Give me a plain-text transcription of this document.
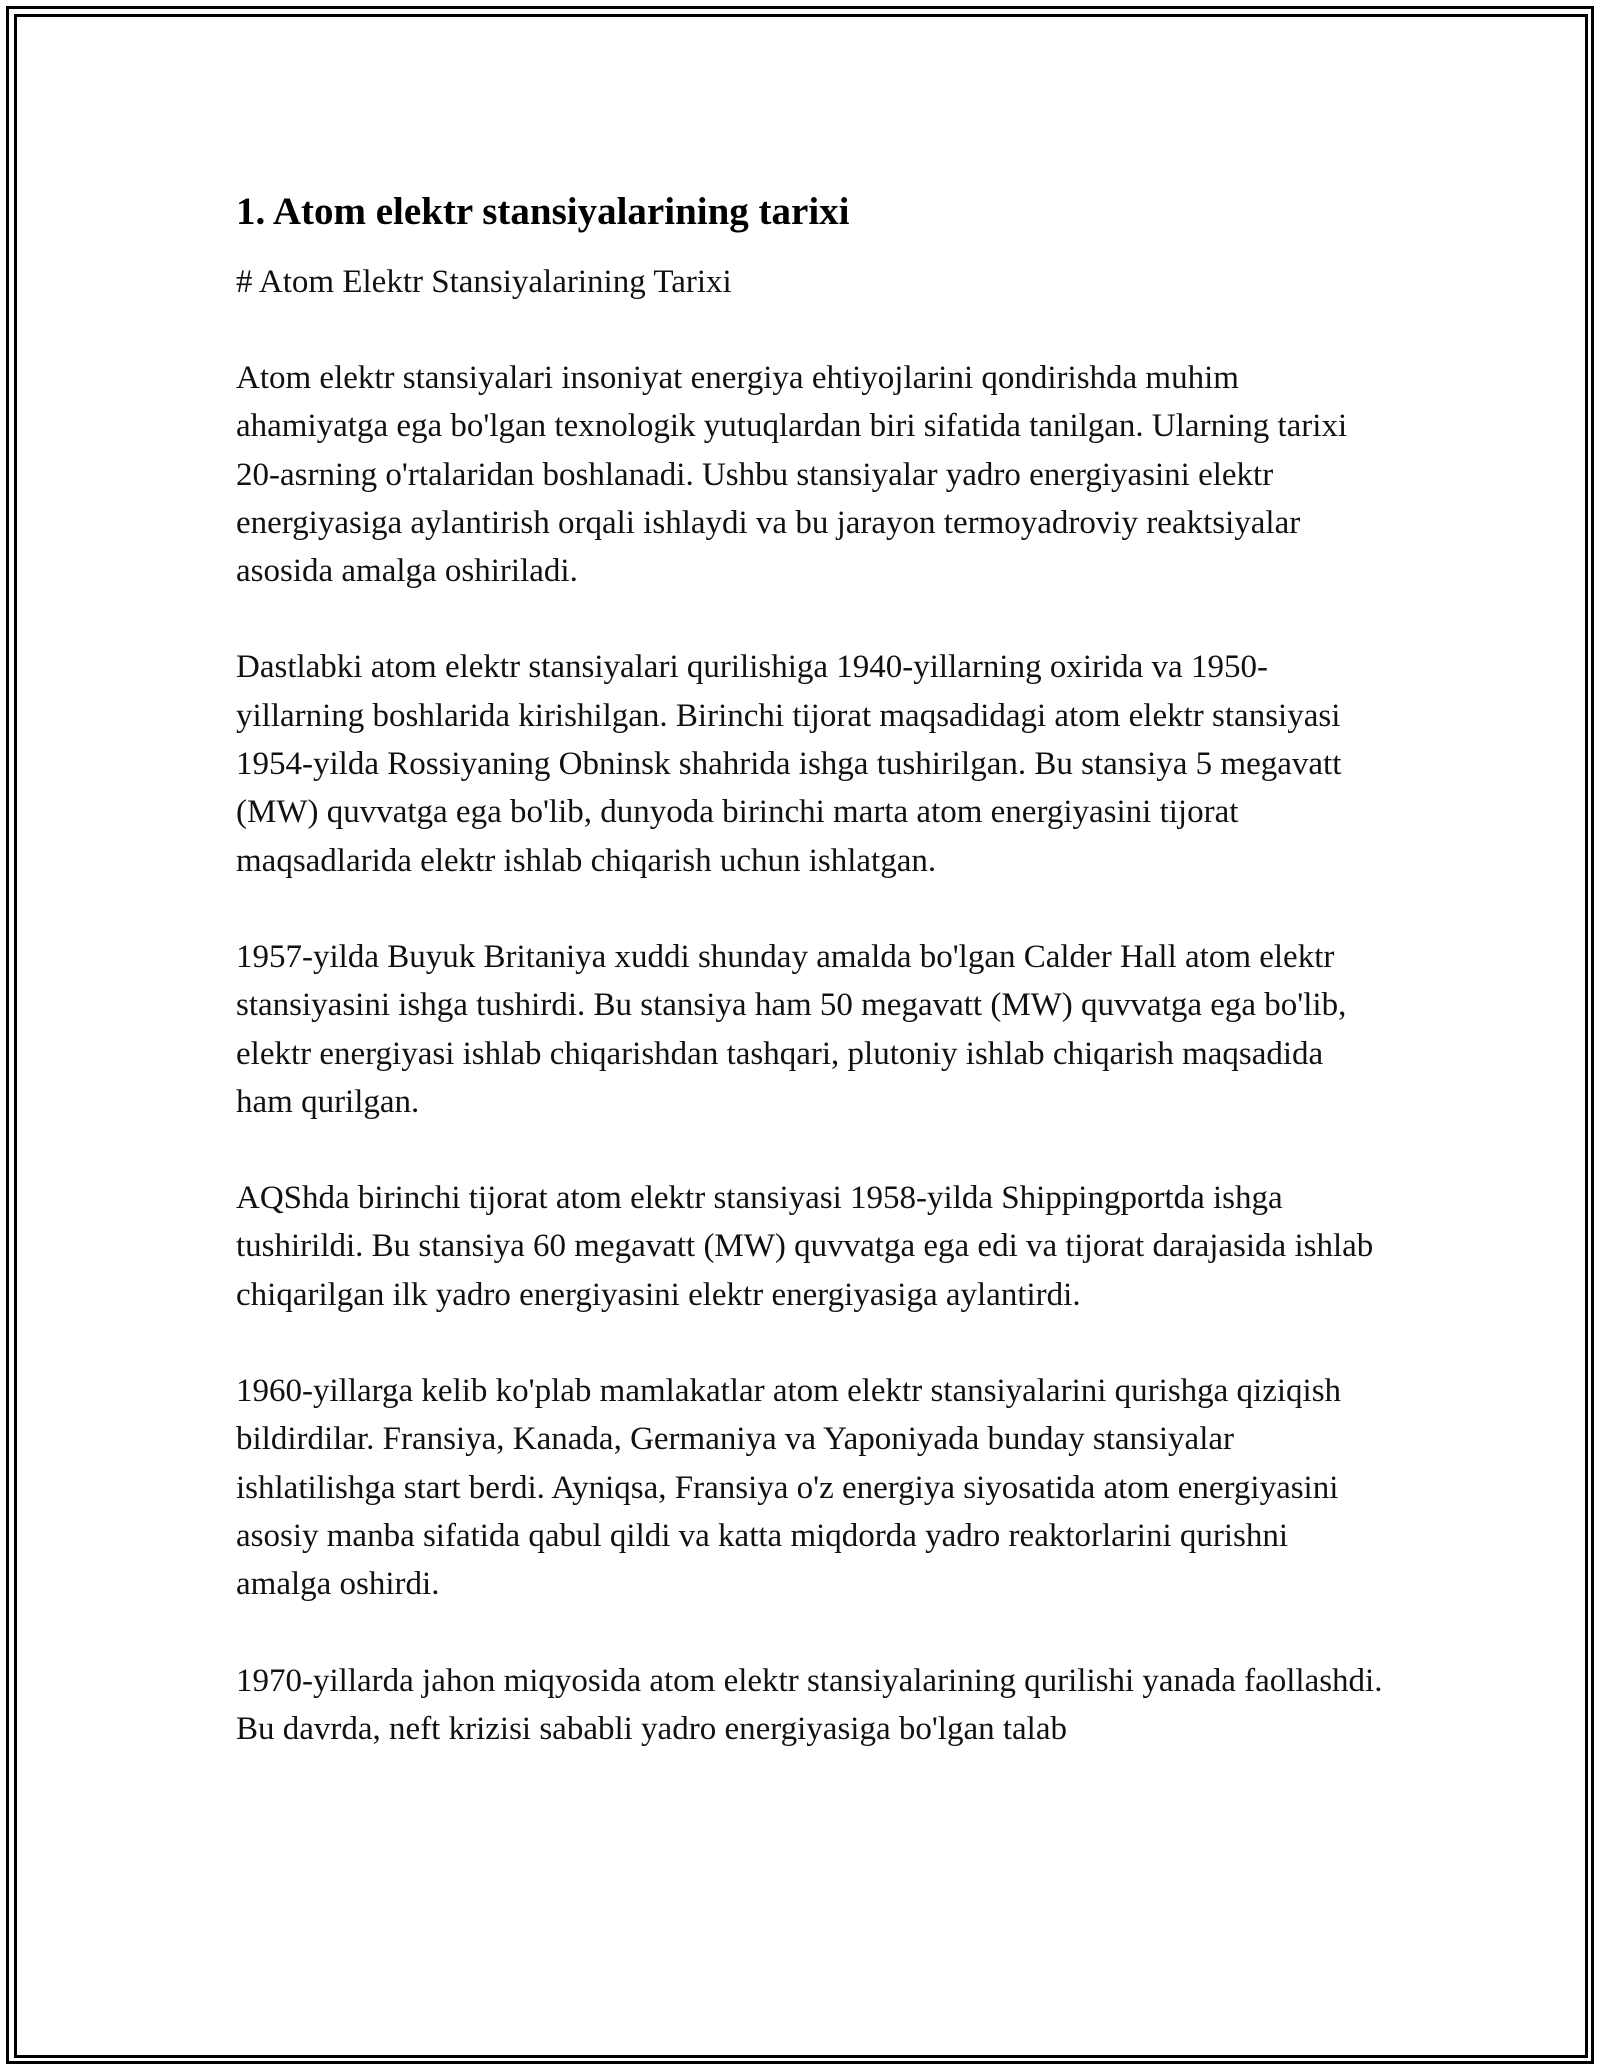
1. Atom elektr stansiyalarining tarixi

# Atom Elektr Stansiyalarining Tarixi

Atom elektr stansiyalari insoniyat energiya ehtiyojlarini qondirishda muhim ahamiyatga ega bo'lgan texnologik yutuqlardan biri sifatida tanilgan. Ularning tarixi 20-asrning o'rtalaridan boshlanadi. Ushbu stansiyalar yadro energiyasini elektr energiyasiga aylantirish orqali ishlaydi va bu jarayon termoyadroviy reaktsiyalar asosida amalga oshiriladi.

Dastlabki atom elektr stansiyalari qurilishiga 1940-yillarning oxirida va 1950-yillarning boshlarida kirishilgan. Birinchi tijorat maqsadidagi atom elektr stansiyasi 1954-yilda Rossiyaning Obninsk shahrida ishga tushirilgan. Bu stansiya 5 megavatt (MW) quvvatga ega bo'lib, dunyoda birinchi marta atom energiyasini tijorat maqsadlarida elektr ishlab chiqarish uchun ishlatgan.

1957-yilda Buyuk Britaniya xuddi shunday amalda bo'lgan Calder Hall atom elektr stansiyasini ishga tushirdi. Bu stansiya ham 50 megavatt (MW) quvvatga ega bo'lib, elektr energiyasi ishlab chiqarishdan tashqari, plutoniy ishlab chiqarish maqsadida ham qurilgan.

AQShda birinchi tijorat atom elektr stansiyasi 1958-yilda Shippingportda ishga tushirildi. Bu stansiya 60 megavatt (MW) quvvatga ega edi va tijorat darajasida ishlab chiqarilgan ilk yadro energiyasini elektr energiyasiga aylantirdi.

1960-yillarga kelib ko'plab mamlakatlar atom elektr stansiyalarini qurishga qiziqish bildirdilar. Fransiya, Kanada, Germaniya va Yaponiyada bunday stansiyalar ishlatilishga start berdi. Ayniqsa, Fransiya o'z energiya siyosatida atom energiyasini asosiy manba sifatida qabul qildi va katta miqdorda yadro reaktorlarini qurishni amalga oshirdi.

1970-yillarda jahon miqyosida atom elektr stansiyalarining qurilishi yanada faollashdi. Bu davrda, neft krizisi sababli yadro energiyasiga bo'lgan talab
